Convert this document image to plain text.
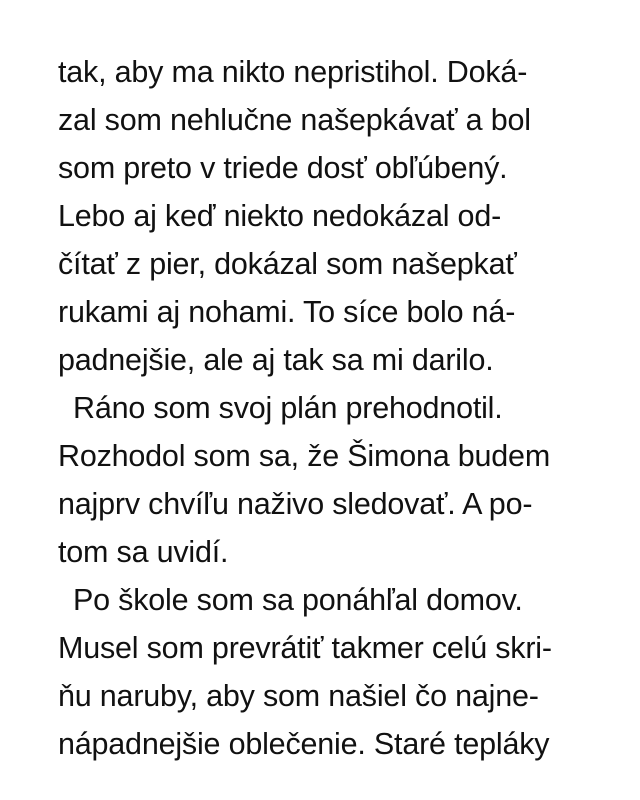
tak, aby ma nikto nepristihol. Doká-
zal som nehlučne našepkávať a bol
som preto v triede dosť obľúbený.
Lebo aj keď niekto nedokázal od-
čítať z pier, dokázal som našepkať
rukami aj nohami. To síce bolo ná-
padnejšie, ale aj tak sa mi darilo.
Ráno som svoj plán prehodnotil.
Rozhodol som sa, že Šimona budem
najprv chvíľu naživo sledovať. A po-
tom sa uvidí.
Po škole som sa ponáhľal domov.
Musel som prevrátiť takmer celú skri-
ňu naruby, aby som našiel čo najne-
nápadnejšie oblečenie. Staré tepláky
